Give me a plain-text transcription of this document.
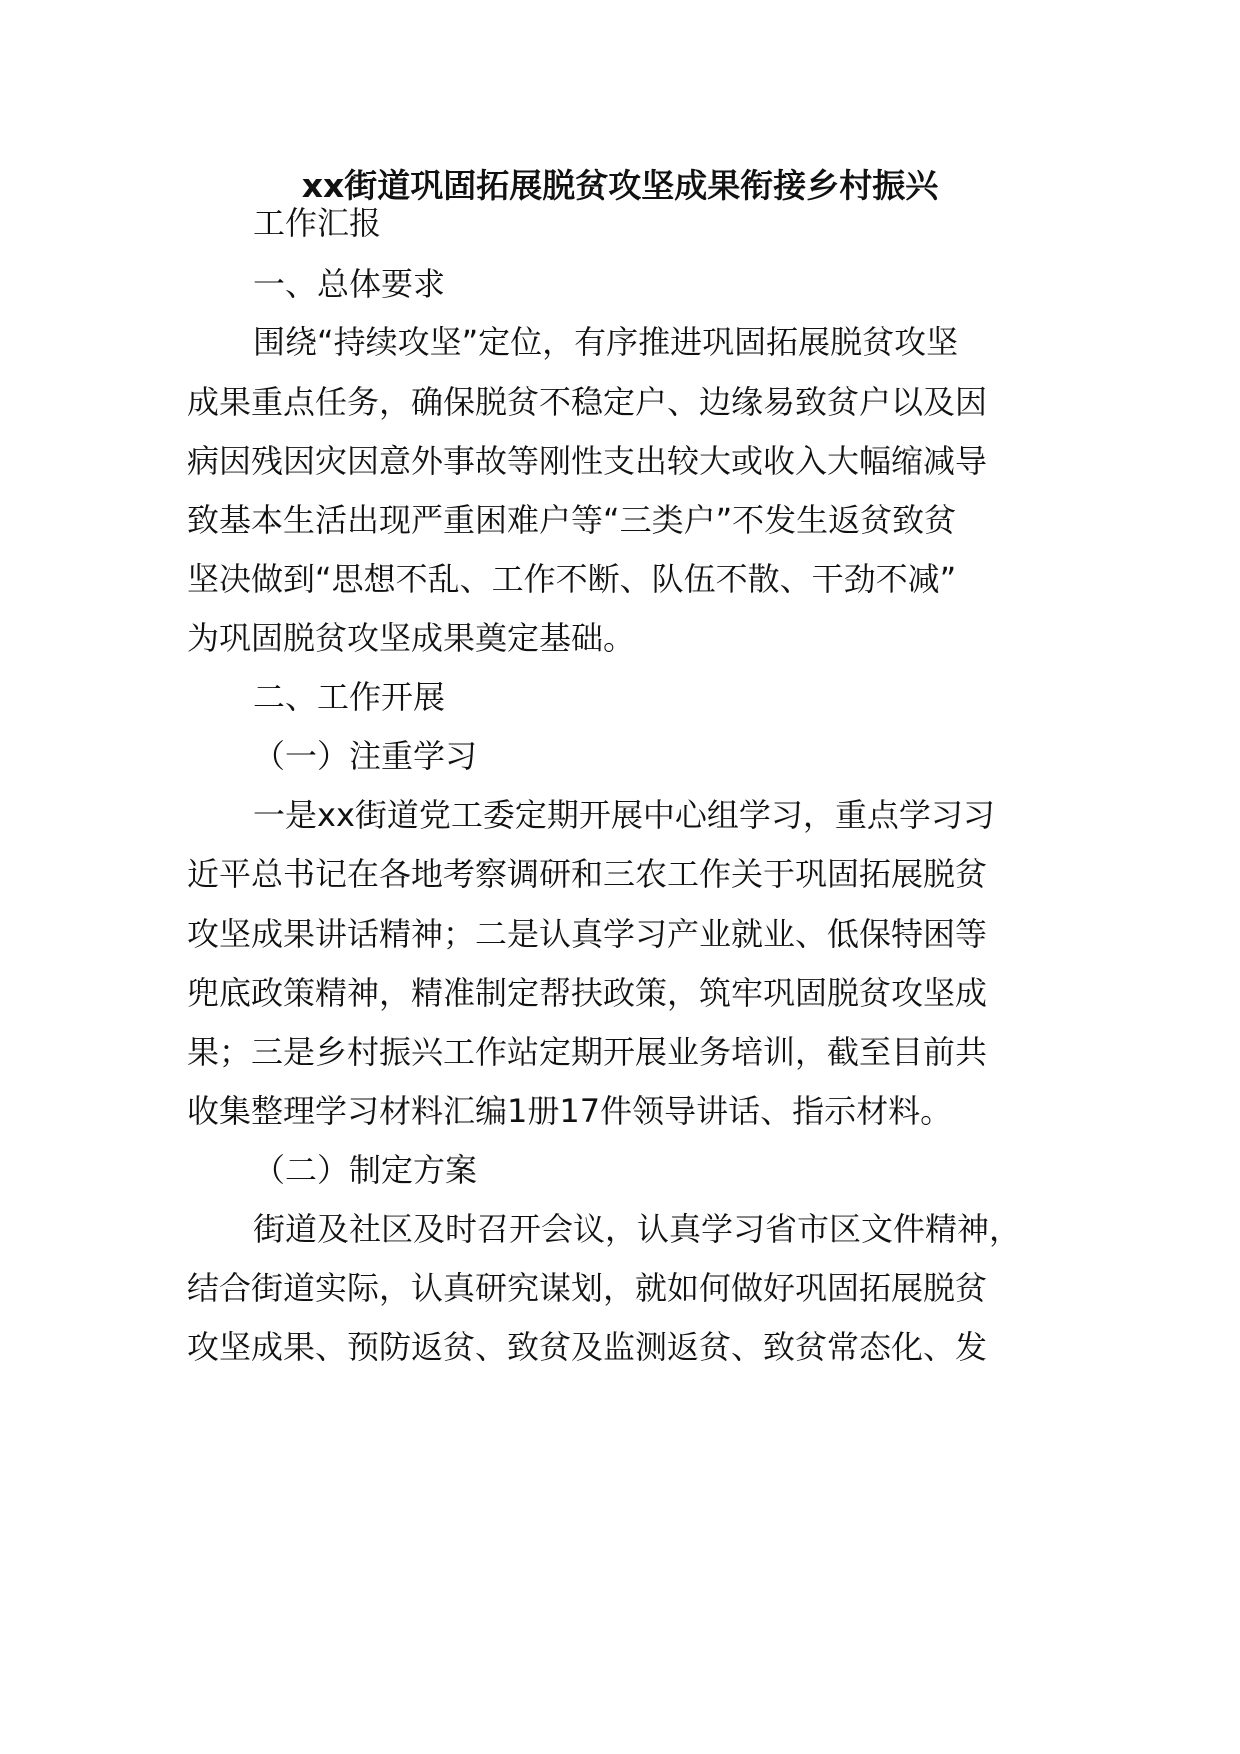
xx街道巩固拓展脱贫攻坚成果衔接乡村振兴
工作汇报
一、总体要求
围绕“持续攻坚”定位，有序推进巩固拓展脱贫攻坚
成果重点任务，确保脱贫不稳定户、边缘易致贫户以及因
病因残因灾因意外事故等刚性支出较大或收入大幅缩减导
致基本生活出现严重困难户等“三类户”不发生返贫致贫
坚决做到“思想不乱、工作不断、队伍不散、干劲不减”
为巩固脱贫攻坚成果奠定基础。
二、工作开展
（一）注重学习
一是xx街道党工委定期开展中心组学习，重点学习习
近平总书记在各地考察调研和三农工作关于巩固拓展脱贫
攻坚成果讲话精神；二是认真学习产业就业、低保特困等
兜底政策精神，精准制定帮扶政策，筑牢巩固脱贫攻坚成
果；三是乡村振兴工作站定期开展业务培训，截至目前共
收集整理学习材料汇编1册17件领导讲话、指示材料。
（二）制定方案
街道及社区及时召开会议，认真学习省市区文件精神，
结合街道实际，认真研究谋划，就如何做好巩固拓展脱贫
攻坚成果、预防返贫、致贫及监测返贫、致贫常态化、发
